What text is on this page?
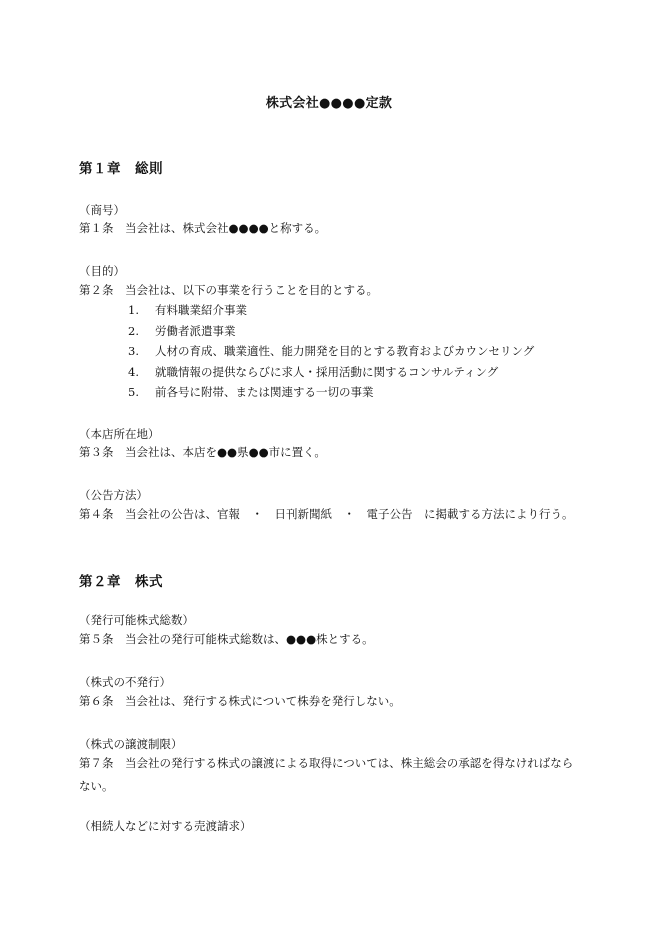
株式会社●●●●定款
第１章　総則
（商号）
第１条　当会社は、株式会社●●●●と称する。
（目的）
第２条　当会社は、以下の事業を行うことを目的とする。
1. 有料職業紹介事業
2. 労働者派遣事業
3. 人材の育成、職業適性、能力開発を目的とする教育およびカウンセリング
4. 就職情報の提供ならびに求人・採用活動に関するコンサルティング
5. 前各号に附帯、または関連する一切の事業
（本店所在地）
第３条　当会社は、本店を●●県●●市に置く。
（公告方法）
第４条　当会社の公告は、官報　・　日刊新聞紙　・　電子公告　に掲載する方法により行う。
第２章　株式
（発行可能株式総数）
第５条　当会社の発行可能株式総数は、●●●株とする。
（株式の不発行）
第６条　当会社は、発行する株式について株券を発行しない。
（株式の譲渡制限）
第７条　当会社の発行する株式の譲渡による取得については、株主総会の承認を得なければならない。
（相続人などに対する売渡請求）
